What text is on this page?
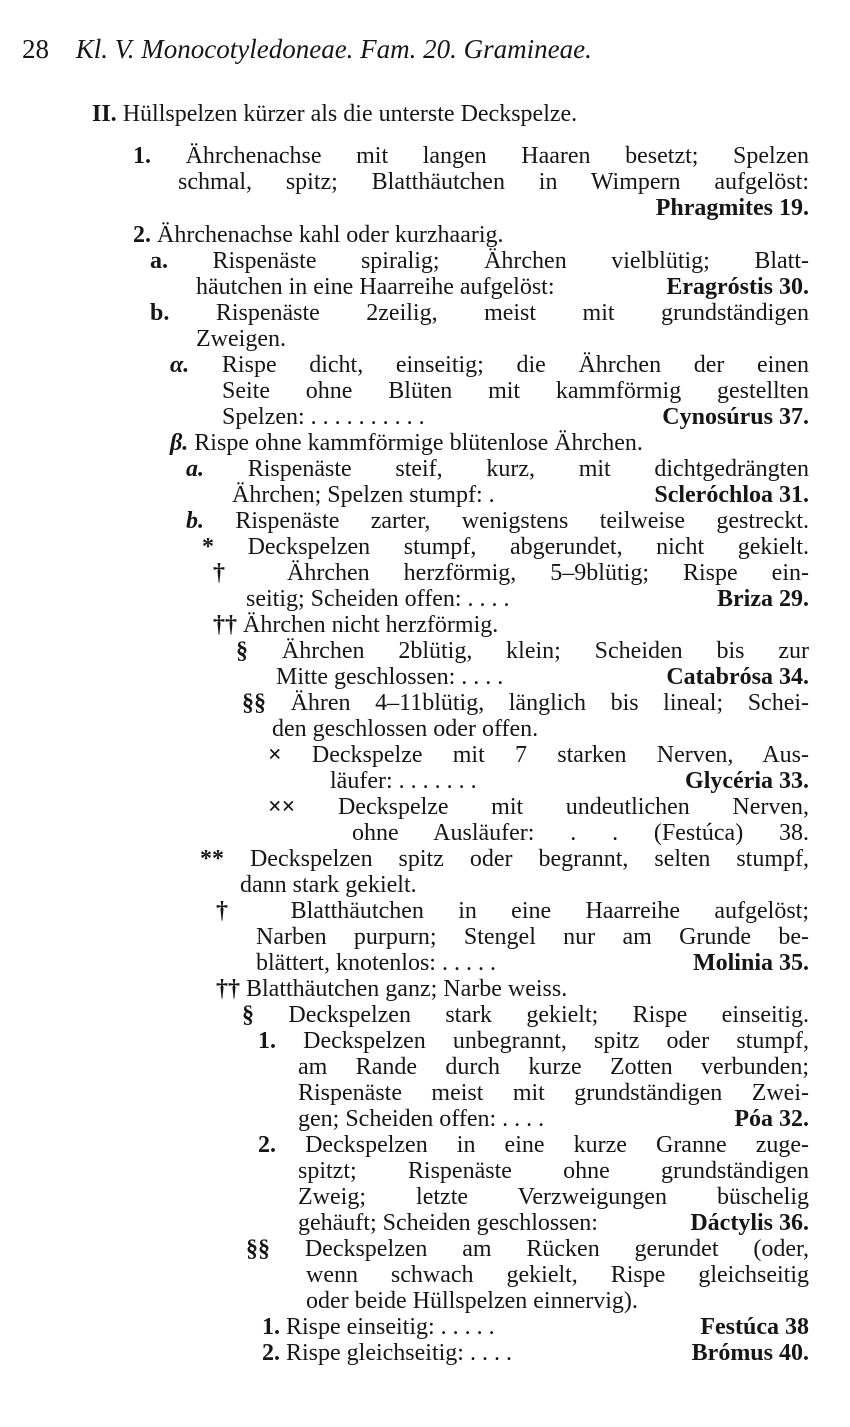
28 Kl. V. Monocotyledoneae. Fam. 20. Gramineae.
II. Hüllspelzen kürzer als die unterste Deckspelze.
1. Ährchenachse mit langen Haaren besetzt; Spelzen
schmal, spitz; Blatthäutchen in Wimpern aufgelöst:
Phragmites 19.
2. Ährchenachse kahl oder kurzhaarig.
a. Rispenäste spiralig; Ährchen vielblütig; Blatt-
häutchen in eine Haarreihe aufgelöst:	Eragróstis 30.
b. Rispenäste 2zeilig, meist mit grundständigen
Zweigen.
α. Rispe dicht, einseitig; die Ährchen der einen
Seite ohne Blüten mit kammförmig gestellten
Spelzen: . . . . . . . . . .	Cynosúrus 37.
β. Rispe ohne kammförmige blütenlose Ährchen.
a. Rispenäste steif, kurz, mit dichtgedrängten
Ährchen; Spelzen stumpf: .	Scleróchloa 31.
b. Rispenäste zarter, wenigstens teilweise gestreckt.
* Deckspelzen stumpf, abgerundet, nicht gekielt.
† Ährchen herzförmig, 5–9blütig; Rispe ein-
seitig; Scheiden offen: . . . .	Briza 29.
†† Ährchen nicht herzförmig.
§ Ährchen 2blütig, klein; Scheiden bis zur
Mitte geschlossen: . . . .	Catabrósa 34.
§§ Ähren 4–11blütig, länglich bis lineal; Schei-
den geschlossen oder offen.
× Deckspelze mit 7 starken Nerven, Aus-
läufer: . . . . . . .	Glycéria 33.
×× Deckspelze mit undeutlichen Nerven,
ohne Ausläufer: . . (Festúca) 38.
** Deckspelzen spitz oder begrannt, selten stumpf,
dann stark gekielt.
† Blatthäutchen in eine Haarreihe aufgelöst;
Narben purpurn; Stengel nur am Grunde be-
blättert, knotenlos: . . . . .	Molinia 35.
†† Blatthäutchen ganz; Narbe weiss.
§ Deckspelzen stark gekielt; Rispe einseitig.
1. Deckspelzen unbegrannt, spitz oder stumpf,
am Rande durch kurze Zotten verbunden;
Rispenäste meist mit grundständigen Zwei-
gen; Scheiden offen: . . . .	Póa 32.
2. Deckspelzen in eine kurze Granne zuge-
spitzt; Rispenäste ohne grundständigen
Zweig; letzte Verzweigungen büschelig
gehäuft; Scheiden geschlossen:	Dáctylis 36.
§§ Deckspelzen am Rücken gerundet (oder,
wenn schwach gekielt, Rispe gleichseitig
oder beide Hüllspelzen einnervig).
1. Rispe einseitig: . . . . .	Festúca 38
2. Rispe gleichseitig: . . . .	Brómus 40.
